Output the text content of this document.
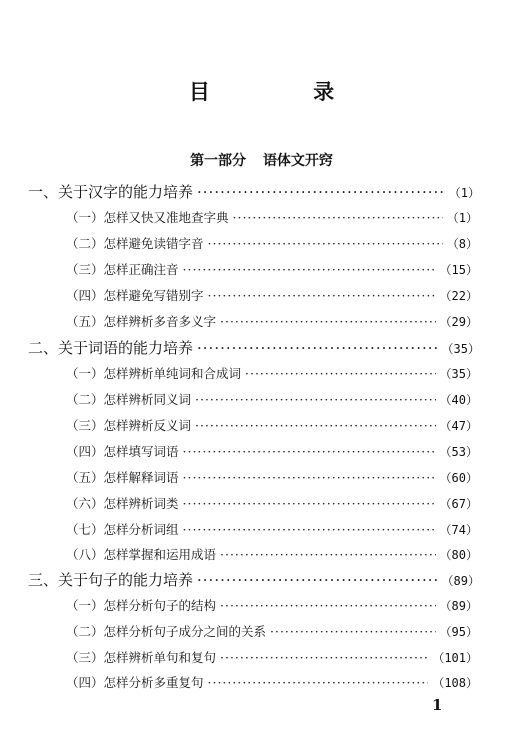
目 录
第一部分 语体文开窍
一、关于汉字的能力培养 ·····	（1）
（一）怎样又快又准地查字典 ·····	（1）
（二）怎样避免读错字音 ·····	（8）
（三）怎样正确注音 ·····	（15）
（四）怎样避免写错别字 ·····	（22）
（五）怎样辨析多音多义字 ·····	（29）
二、关于词语的能力培养 ·····	（35）
（一）怎样辨析单纯词和合成词 ·····	（35）
（二）怎样辨析同义词 ·····	（40）
（三）怎样辨析反义词 ·····	（47）
（四）怎样填写词语 ·····	（53）
（五）怎样解释词语 ·····	（60）
（六）怎样辨析词类 ·····	（67）
（七）怎样分析词组 ·····	（74）
（八）怎样掌握和运用成语 ·····	（80）
三、关于句子的能力培养 ·····	（89）
（一）怎样分析句子的结构 ·····	（89）
（二）怎样分析句子成分之间的关系 ·····	（95）
（三）怎样辨析单句和复句 ·····	（101）
（四）怎样分析多重复句 ·····	（108）
1
